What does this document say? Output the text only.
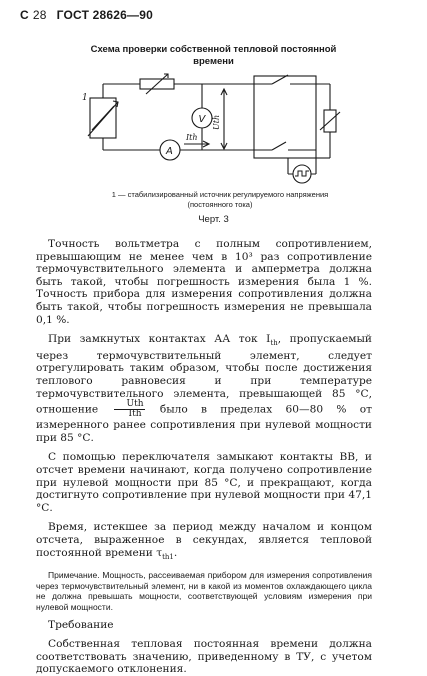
С 28 ГОСТ 28626—90
Схема проверки собственной тепловой постоянной
времени
V
A
1
Ith
Uth
1 — стабилизированный источник регулируемого напряжения
(постоянного тока)
Черт. 3

Точность вольтметра с полным сопротивлением, превышающим не менее чем в 10³ раз сопротивление термочувствительного элемента и амперметра должна быть такой, чтобы погрешность измерения была 1 %. Точность прибора для измерения сопротивления должна быть такой, чтобы погрешность измерения не превышала 0,1 %.

При замкнутых контактах АА ток $I_{th}$, пропускаемый через термочувствительный элемент, следует отрегулировать таким образом, чтобы после достижения теплового равновесия и при температуре термочувствительного элемента, превышающей 85 °С, отношение $\frac{\text{Uth}}{\text{Ith}}$ было в пределах 60—80 % от измеренного ранее сопротивления при нулевой мощности при 85 °С.

С помощью переключателя замыкают контакты ВВ, и отсчет времени начинают, когда получено сопротивление при нулевой мощности при 85 °С, и прекращают, когда достигнуто сопротивление при нулевой мощности при 47,1 °С.

Время, истекшее за период между началом и концом отсчета, выраженное в секундах, является тепловой постоянной времени $\tau_{th1}$.

Примечание. Мощность, рассеиваемая прибором для измерения сопротивления через термочувствительный элемент, ни в какой из моментов охлаждающего цикла не должна превышать мощности, соответствующей условиям измерения при нулевой мощности.

Требование

Собственная тепловая постоянная времени должна соответствовать значению, приведенному в ТУ, с учетом допускаемого отклонения.
